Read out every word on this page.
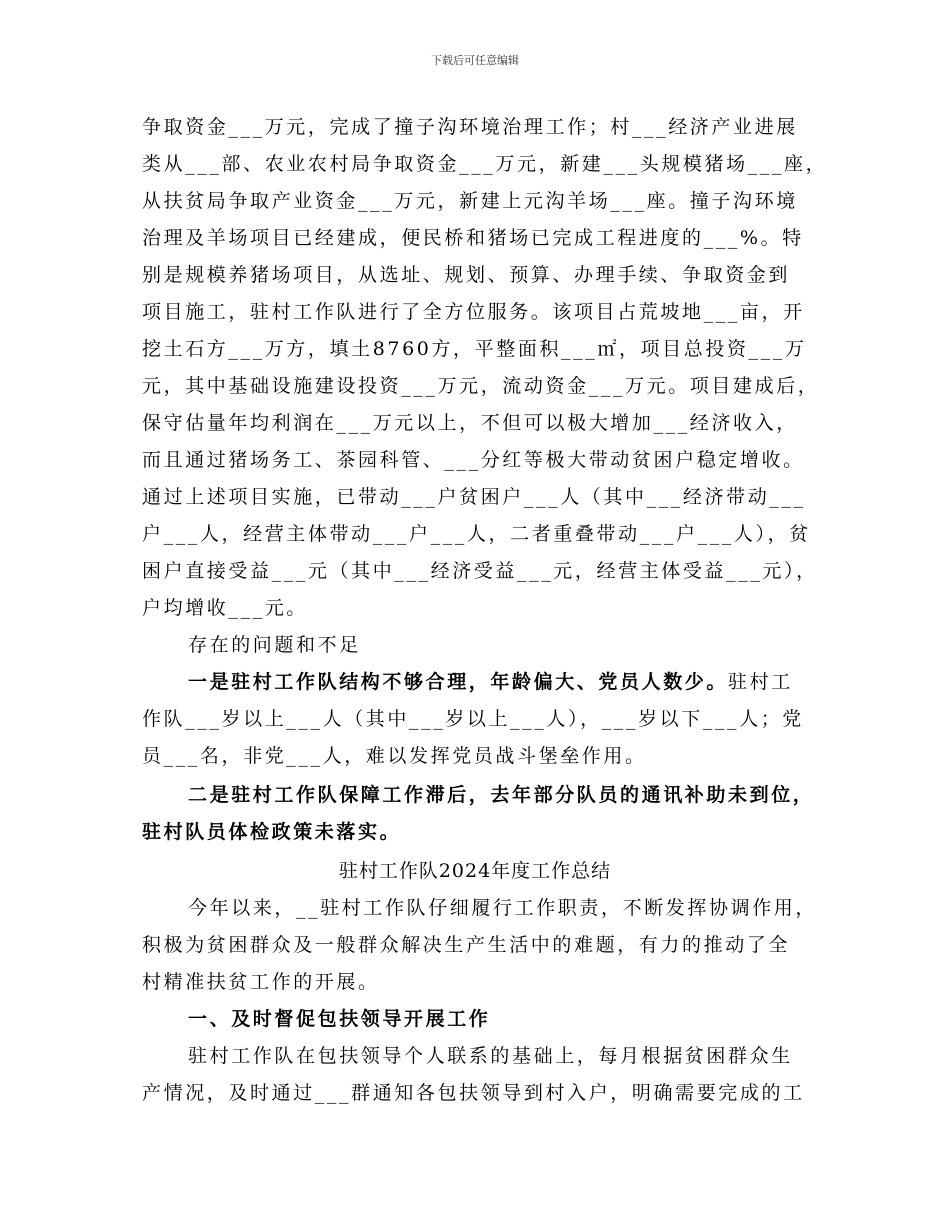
下载后可任意编辑
争取资金___万元，完成了撞子沟环境治理工作；村___经济产业进展
类从___部、农业农村局争取资金___万元，新建___头规模猪场___座，
从扶贫局争取产业资金___万元，新建上元沟羊场___座。撞子沟环境
治理及羊场项目已经建成，便民桥和猪场已完成工程进度的___%。特
别是规模养猪场项目，从选址、规划、预算、办理手续、争取资金到
项目施工，驻村工作队进行了全方位服务。该项目占荒坡地___亩，开
挖土石方___万方，填土8760方，平整面积___㎡，项目总投资___万
元，其中基础设施建设投资___万元，流动资金___万元。项目建成后，
保守估量年均利润在___万元以上，不但可以极大增加___经济收入，
而且通过猪场务工、茶园科管、___分红等极大带动贫困户稳定增收。
通过上述项目实施，已带动___户贫困户___人（其中___经济带动___
户___人，经营主体带动___户___人，二者重叠带动___户___人），贫
困户直接受益___元（其中___经济受益___元，经营主体受益___元），
户均增收___元。
存在的问题和不足
一是驻村工作队结构不够合理，年龄偏大、党员人数少。驻村工
作队___岁以上___人（其中___岁以上___人），___岁以下___人；党
员___名，非党___人，难以发挥党员战斗堡垒作用。
二是驻村工作队保障工作滞后，去年部分队员的通讯补助未到位，
驻村队员体检政策未落实。
驻村工作队2024年度工作总结
今年以来，__驻村工作队仔细履行工作职责，不断发挥协调作用，
积极为贫困群众及一般群众解决生产生活中的难题，有力的推动了全
村精准扶贫工作的开展。
一、及时督促包扶领导开展工作
驻村工作队在包扶领导个人联系的基础上，每月根据贫困群众生
产情况，及时通过___群通知各包扶领导到村入户，明确需要完成的工
